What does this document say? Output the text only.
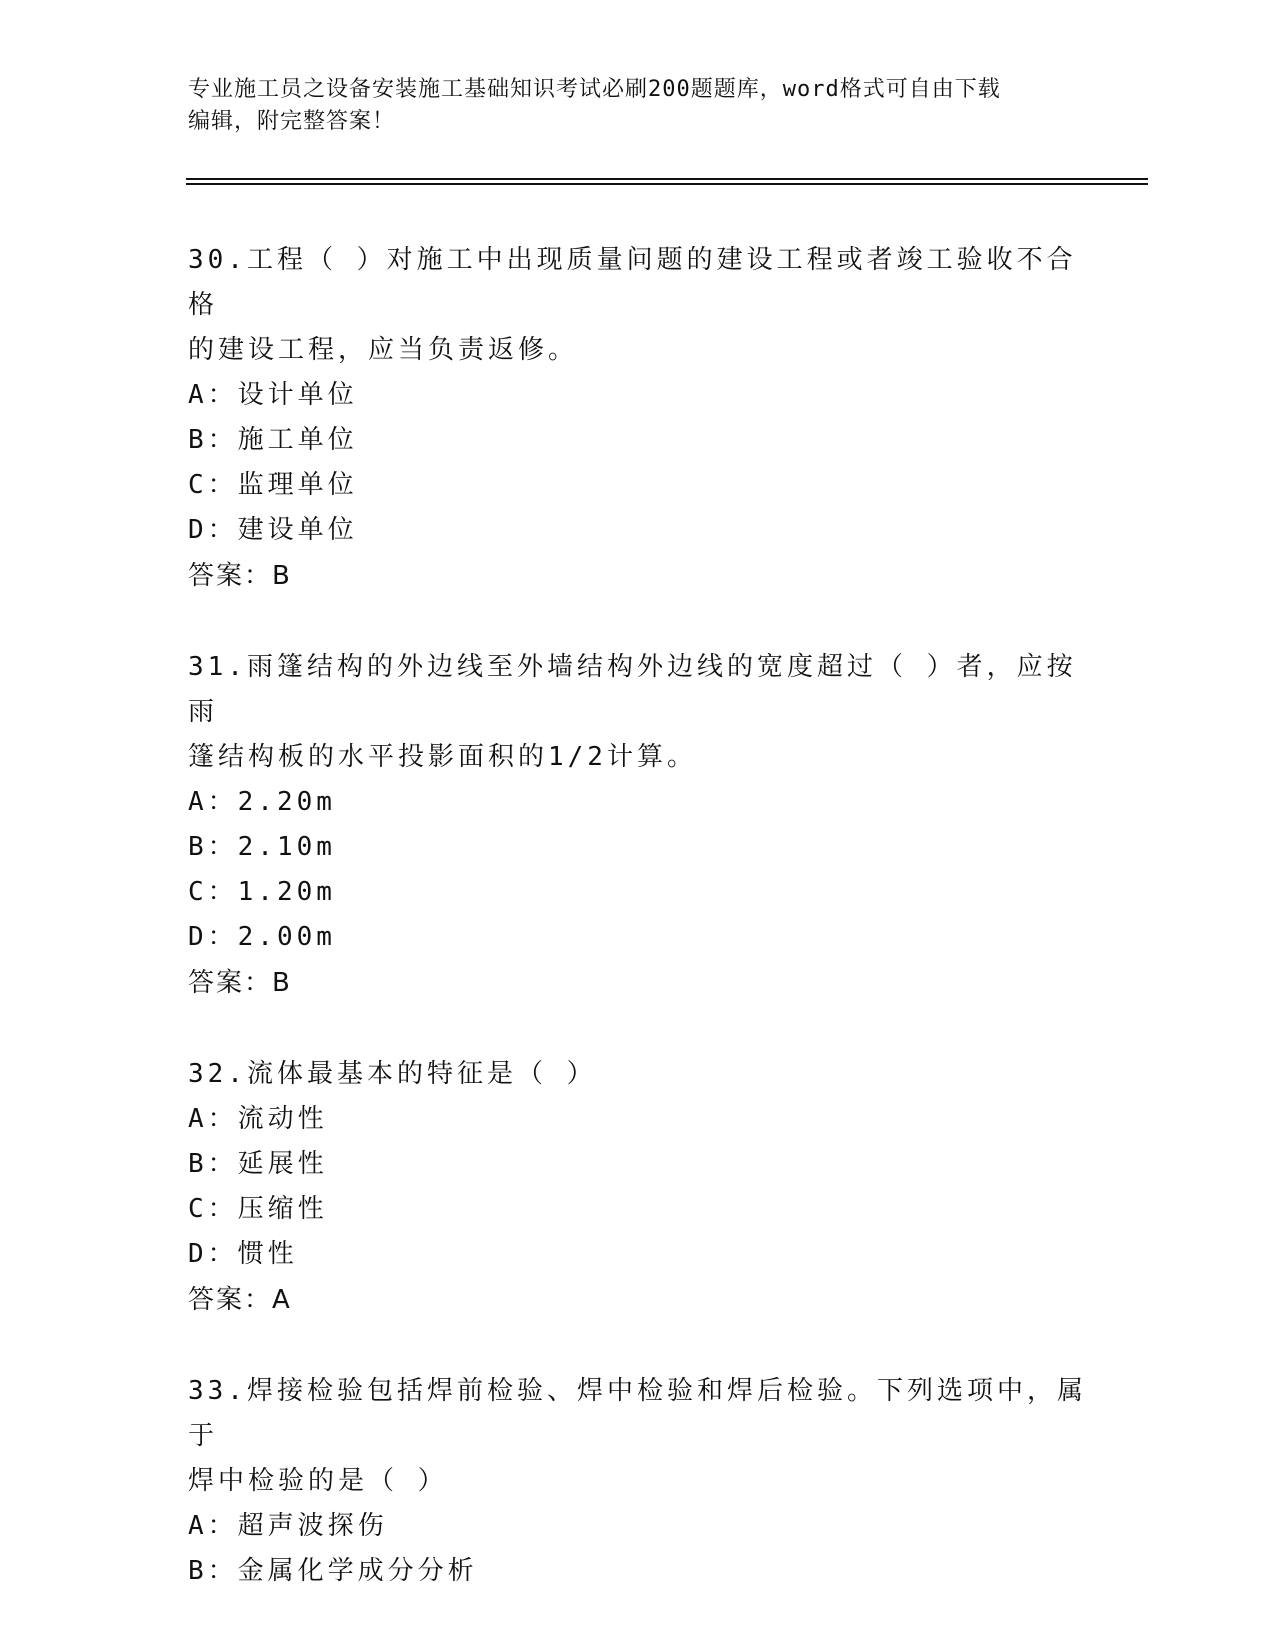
专业施工员之设备安装施工基础知识考试必刷200题题库，word格式可自由下载
编辑，附完整答案！
30.工程（ ）对施工中出现质量问题的建设工程或者竣工验收不合格
的建设工程，应当负责返修。
A：设计单位
B：施工单位
C：监理单位
D：建设单位
答案：B
31.雨篷结构的外边线至外墙结构外边线的宽度超过（ ）者，应按雨
篷结构板的水平投影面积的1/2计算。
A：2.20m
B：2.10m
C：1.20m
D：2.00m
答案：B
32.流体最基本的特征是（ ）
A：流动性
B：延展性
C：压缩性
D：惯性
答案：A
33.焊接检验包括焊前检验、焊中检验和焊后检验。下列选项中，属于
焊中检验的是（ ）
A：超声波探伤
B：金属化学成分分析
